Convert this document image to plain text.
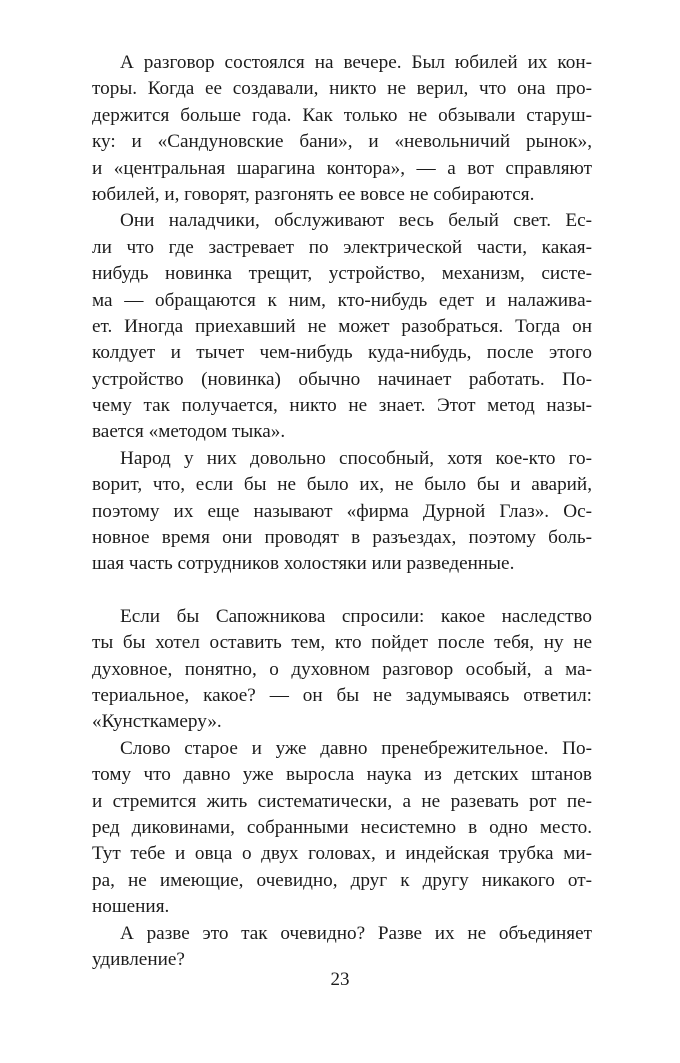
А разговор состоялся на вечере. Был юбилей их кон-
торы. Когда ее создавали, никто не верил, что она про-
держится больше года. Как только не обзывали старуш-
ку: и «Сандуновские бани», и «невольничий рынок»,
и «центральная шарагина контора», — а вот справляют
юбилей, и, говорят, разгонять ее вовсе не собираются.
Они наладчики, обслуживают весь белый свет. Ес-
ли что где застревает по электрической части, какая-
нибудь новинка трещит, устройство, механизм, систе-
ма — обращаются к ним, кто-нибудь едет и налаживa-
ет. Иногда приехавший не может разобраться. Тогда он
колдует и тычет чем-нибудь куда-нибудь, после этого
устройство (новинка) обычно начинает работать. По-
чему так получается, никто не знает. Этот метод назы-
вается «методом тыка».
Народ у них довольно способный, хотя кое-кто го-
ворит, что, если бы не было их, не было бы и аварий,
поэтому их еще называют «фирма Дурной Глаз». Ос-
новное время они проводят в разъездах, поэтому боль-
шая часть сотрудников холостяки или разведенные.
Если бы Сапожникова спросили: какое наследство
ты бы хотел оставить тем, кто пойдет после тебя, ну не
духовное, понятно, о духовном разговор особый, а ма-
териальное, какое? — он бы не задумываясь ответил:
«Кунсткамеру».
Слово старое и уже давно пренебрежительное. По-
тому что давно уже выросла наука из детских штанов
и стремится жить систематически, а не разевать рот пе-
ред диковинами, собранными несистемно в одно место.
Тут тебе и овца о двух головах, и индейская трубка ми-
ра, не имеющие, очевидно, друг к другу никакого от-
ношения.
А разве это так очевидно? Разве их не объединяет
удивление?
23
